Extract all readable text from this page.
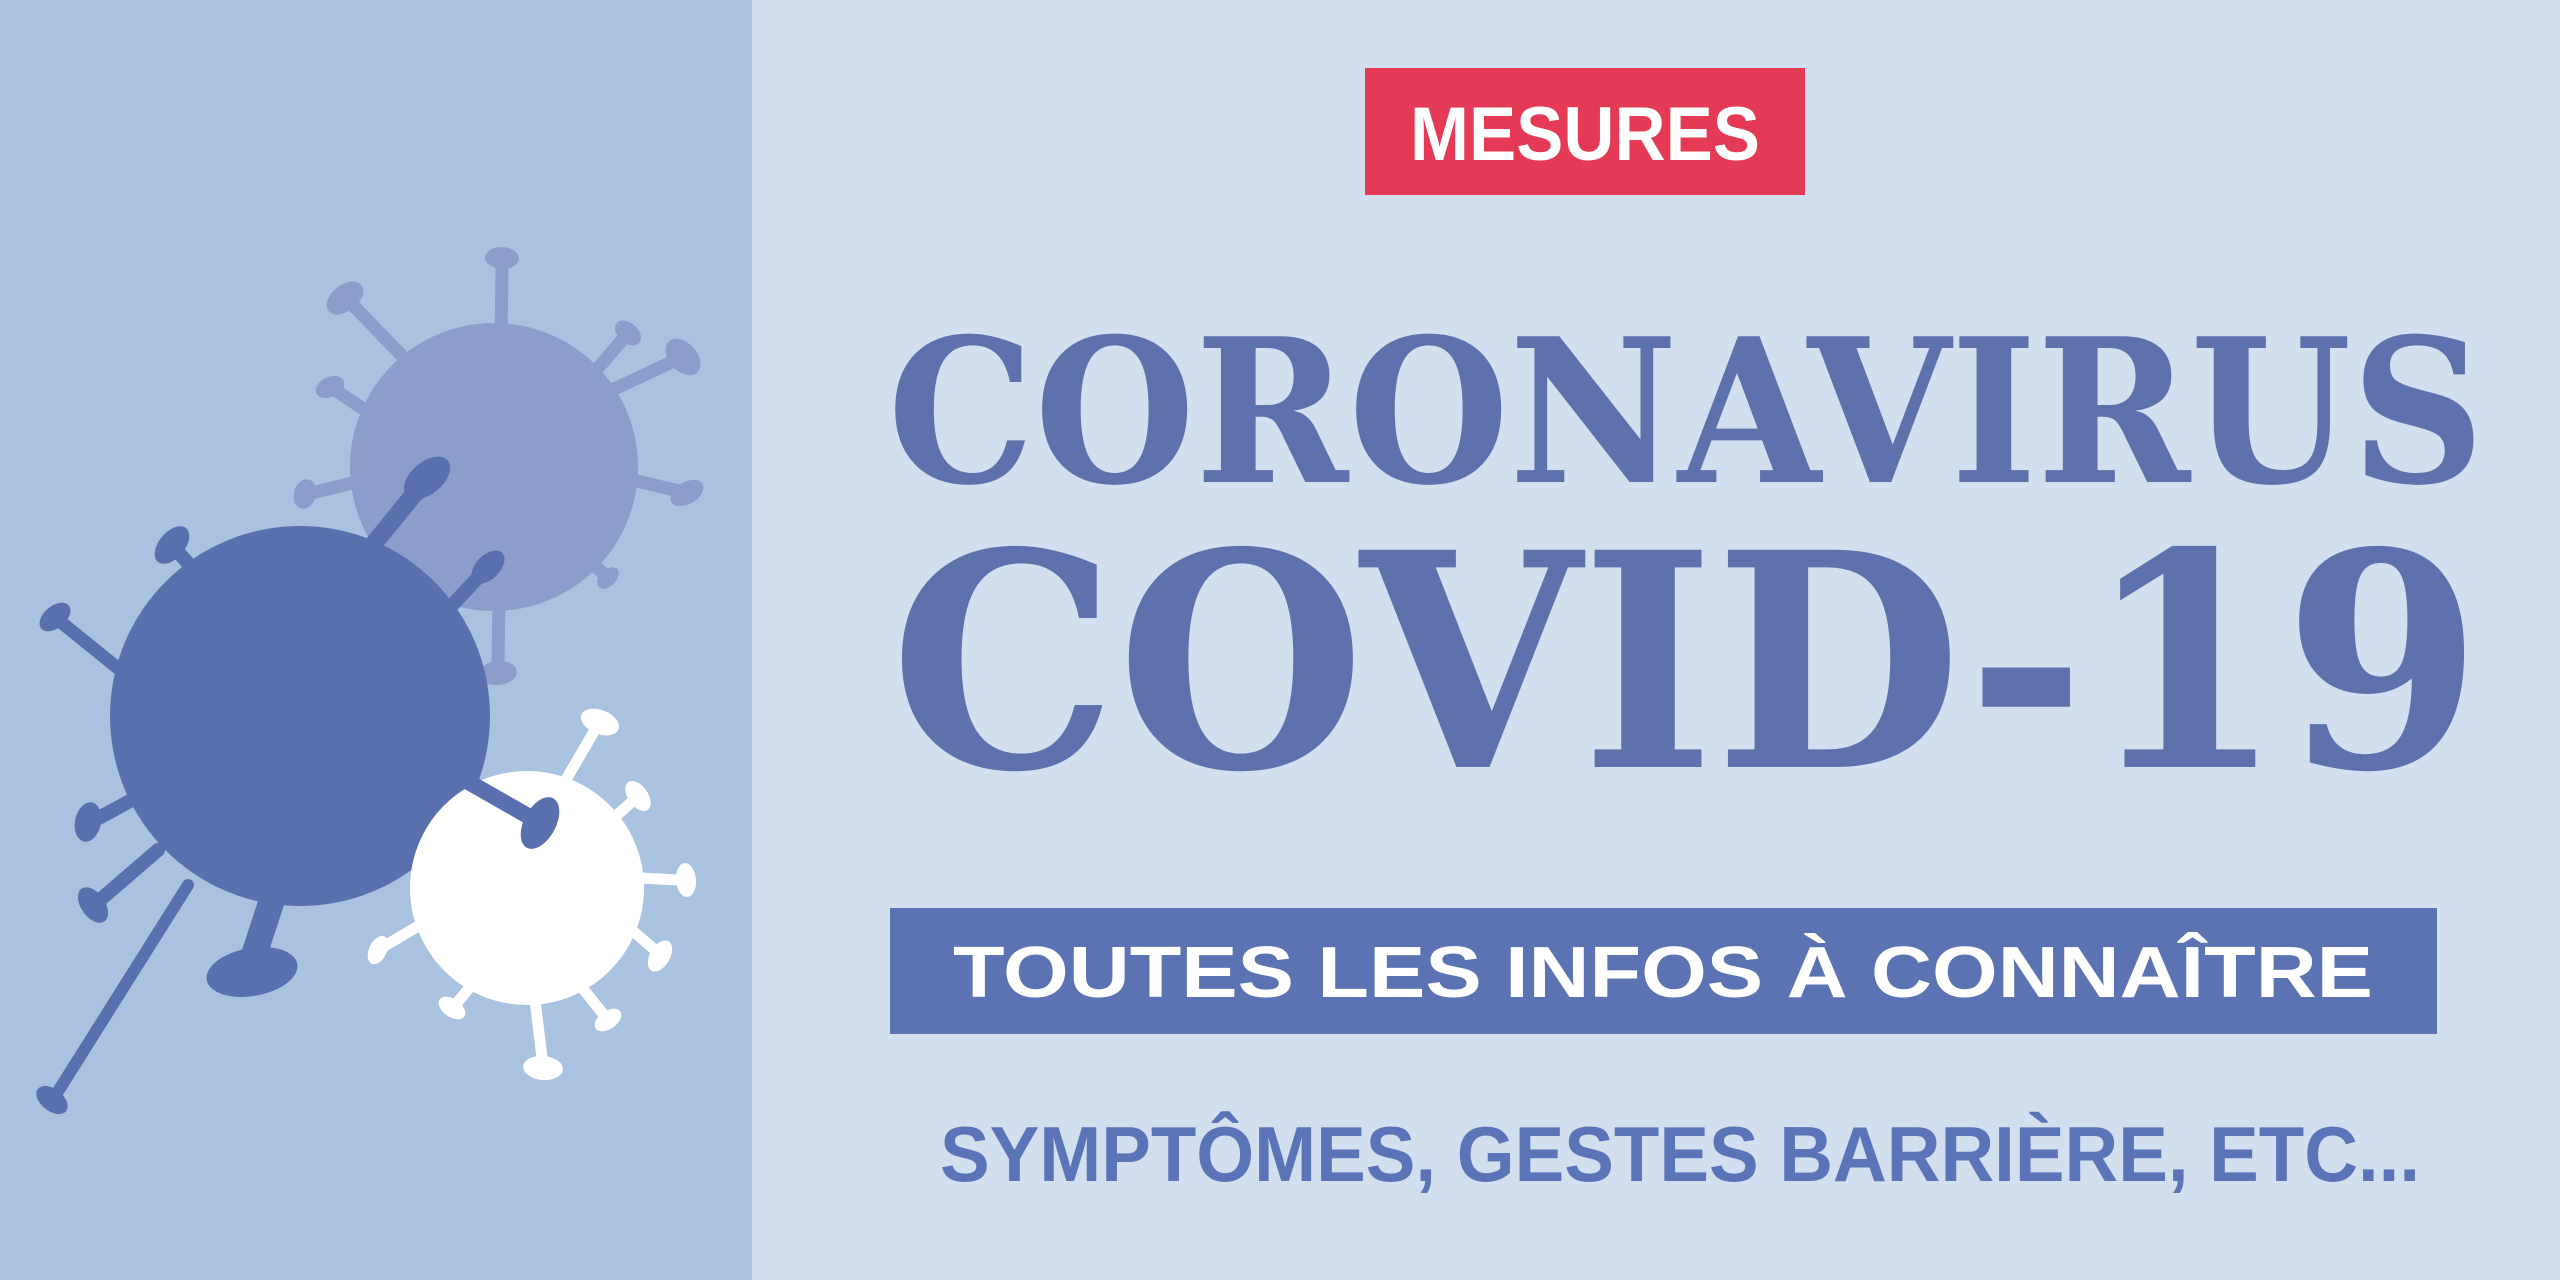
MESURES
CORONAVIRUS
COVID-19
TOUTES LES INFOS À CONNAÎTRE
SYMPTÔMES, GESTES BARRIÈRE, ETC...
